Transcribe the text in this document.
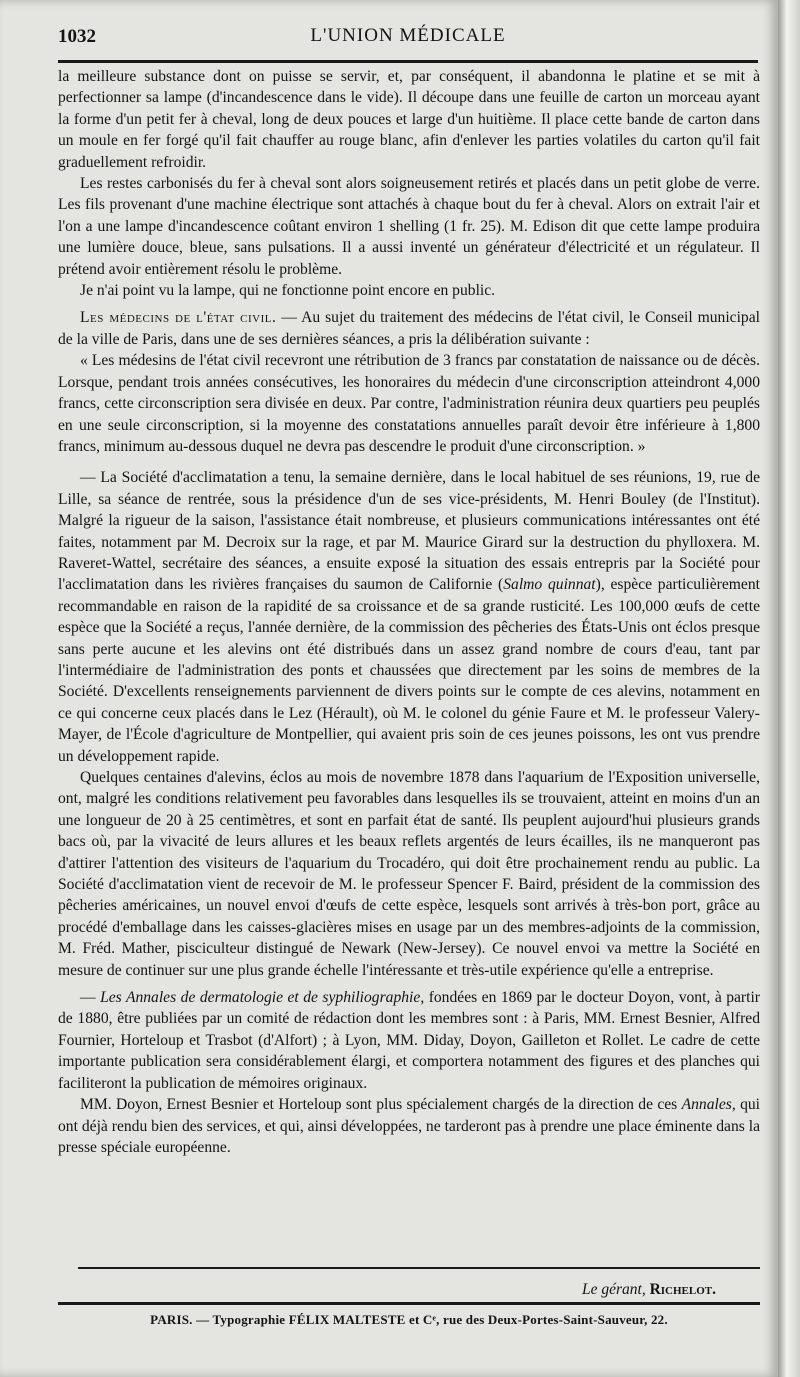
1032	L'UNION MÉDICALE

la meilleure substance dont on puisse se servir, et, par conséquent, il abandonna le platine et se mit à perfectionner sa lampe (d'incandescence dans le vide). Il découpe dans une feuille de carton un morceau ayant la forme d'un petit fer à cheval, long de deux pouces et large d'un huitième. Il place cette bande de carton dans un moule en fer forgé qu'il fait chauffer au rouge blanc, afin d'enlever les parties volatiles du carton qu'il fait graduellement refroidir.

Les restes carbonisés du fer à cheval sont alors soigneusement retirés et placés dans un petit globe de verre. Les fils provenant d'une machine électrique sont attachés à chaque bout du fer à cheval. Alors on extrait l'air et l'on a une lampe d'incandescence coûtant environ 1 shelling (1 fr. 25). M. Edison dit que cette lampe produira une lumière douce, bleue, sans pulsations. Il a aussi inventé un générateur d'électricité et un régulateur. Il prétend avoir entièrement résolu le problème.

Je n'ai point vu la lampe, qui ne fonctionne point encore en public.

Les médecins de l'état civil. — Au sujet du traitement des médecins de l'état civil, le Conseil municipal de la ville de Paris, dans une de ses dernières séances, a pris la délibération suivante :

« Les médesins de l'état civil recevront une rétribution de 3 francs par constatation de naissance ou de décès. Lorsque, pendant trois années consécutives, les honoraires du médecin d'une circonscription atteindront 4,000 francs, cette circonscription sera divisée en deux. Par contre, l'administration réunira deux quartiers peu peuplés en une seule circonscription, si la moyenne des constatations annuelles paraît devoir être inférieure à 1,800 francs, minimum au-dessous duquel ne devra pas descendre le produit d'une circonscription. »

— La Société d'acclimatation a tenu, la semaine dernière, dans le local habituel de ses réunions, 19, rue de Lille, sa séance de rentrée, sous la présidence d'un de ses vice-présidents, M. Henri Bouley (de l'Institut). Malgré la rigueur de la saison, l'assistance était nombreuse, et plusieurs communications intéressantes ont été faites, notamment par M. Decroix sur la rage, et par M. Maurice Girard sur la destruction du phylloxera. M. Raveret-Wattel, secrétaire des séances, a ensuite exposé la situation des essais entrepris par la Société pour l'acclimatation dans les rivières françaises du saumon de Californie (Salmo quinnat), espèce particulièrement recommandable en raison de la rapidité de sa croissance et de sa grande rusticité. Les 100,000 œufs de cette espèce que la Société a reçus, l'année dernière, de la commission des pêcheries des États-Unis ont éclos presque sans perte aucune et les alevins ont été distribués dans un assez grand nombre de cours d'eau, tant par l'intermédiaire de l'administration des ponts et chaussées que directement par les soins de membres de la Société. D'excellents renseignements parviennent de divers points sur le compte de ces alevins, notamment en ce qui concerne ceux placés dans le Lez (Hérault), où M. le colonel du génie Faure et M. le professeur Valery-Mayer, de l'École d'agriculture de Montpellier, qui avaient pris soin de ces jeunes poissons, les ont vus prendre un développement rapide.

Quelques centaines d'alevins, éclos au mois de novembre 1878 dans l'aquarium de l'Exposition universelle, ont, malgré les conditions relativement peu favorables dans lesquelles ils se trouvaient, atteint en moins d'un an une longueur de 20 à 25 centimètres, et sont en parfait état de santé. Ils peuplent aujourd'hui plusieurs grands bacs où, par la vivacité de leurs allures et les beaux reflets argentés de leurs écailles, ils ne manqueront pas d'attirer l'attention des visiteurs de l'aquarium du Trocadéro, qui doit être prochainement rendu au public. La Société d'acclimatation vient de recevoir de M. le professeur Spencer F. Baird, président de la commission des pêcheries américaines, un nouvel envoi d'œufs de cette espèce, lesquels sont arrivés à très-bon port, grâce au procédé d'emballage dans les caisses-glacières mises en usage par un des membres-adjoints de la commission, M. Fréd. Mather, pisciculteur distingué de Newark (New-Jersey). Ce nouvel envoi va mettre la Société en mesure de continuer sur une plus grande échelle l'intéressante et très-utile expérience qu'elle a entreprise.

— Les Annales de dermatologie et de syphiliographie, fondées en 1869 par le docteur Doyon, vont, à partir de 1880, être publiées par un comité de rédaction dont les membres sont : à Paris, MM. Ernest Besnier, Alfred Fournier, Horteloup et Trasbot (d'Alfort) ; à Lyon, MM. Diday, Doyon, Gailleton et Rollet. Le cadre de cette importante publication sera considérablement élargi, et comportera notamment des figures et des planches qui faciliteront la publication de mémoires originaux.

MM. Doyon, Ernest Besnier et Horteloup sont plus spécialement chargés de la direction de ces Annales, qui ont déjà rendu bien des services, et qui, ainsi développées, ne tarderont pas à prendre une place éminente dans la presse spéciale européenne.

Le gérant, Richelot.
PARIS. — Typographie FÉLIX MALTESTE et Cᵉ, rue des Deux-Portes-Saint-Sauveur, 22.
